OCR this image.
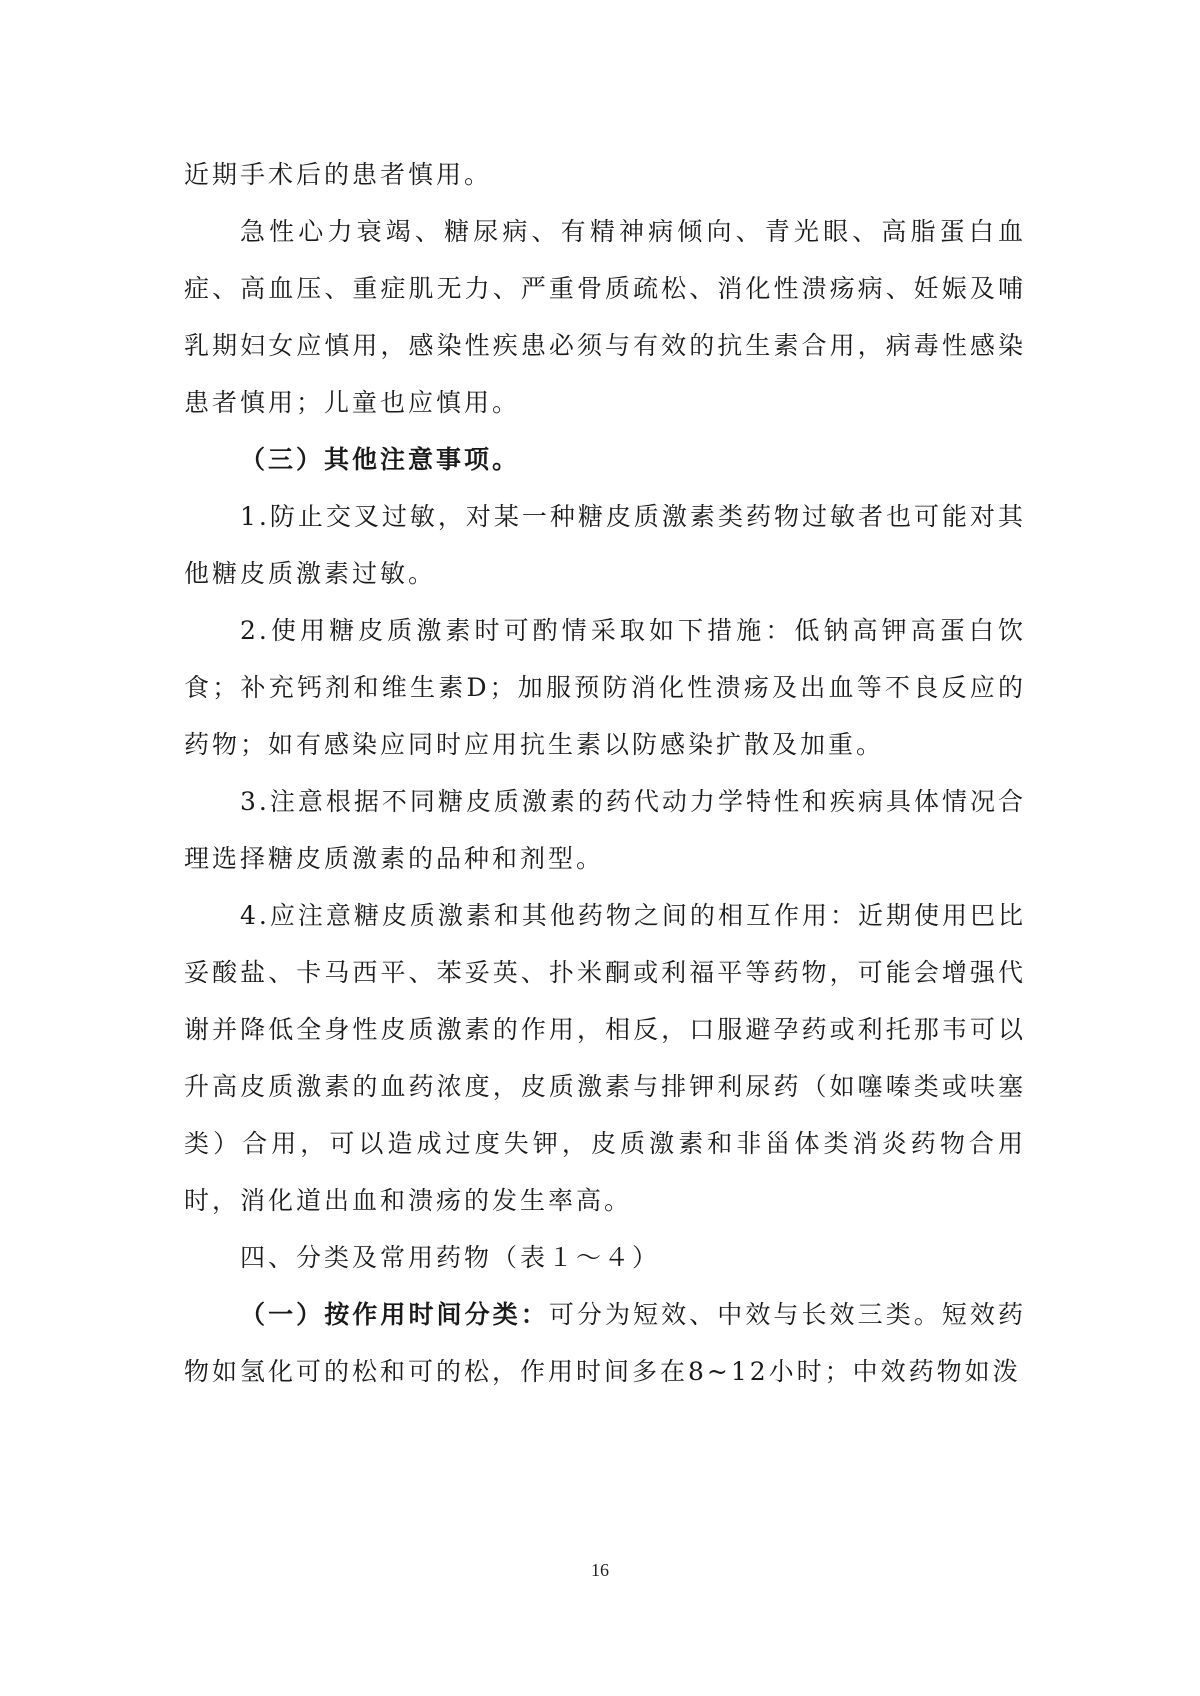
近期手术后的患者慎用。

急性心力衰竭、糖尿病、有精神病倾向、青光眼、高脂蛋白血症、高血压、重症肌无力、严重骨质疏松、消化性溃疡病、妊娠及哺乳期妇女应慎用，感染性疾患必须与有效的抗生素合用，病毒性感染患者慎用；儿童也应慎用。

（三）其他注意事项。

1.防止交叉过敏，对某一种糖皮质激素类药物过敏者也可能对其他糖皮质激素过敏。

2.使用糖皮质激素时可酌情采取如下措施：低钠高钾高蛋白饮食；补充钙剂和维生素D；加服预防消化性溃疡及出血等不良反应的药物；如有感染应同时应用抗生素以防感染扩散及加重。

3.注意根据不同糖皮质激素的药代动力学特性和疾病具体情况合理选择糖皮质激素的品种和剂型。

4.应注意糖皮质激素和其他药物之间的相互作用：近期使用巴比妥酸盐、卡马西平、苯妥英、扑米酮或利福平等药物，可能会增强代谢并降低全身性皮质激素的作用，相反，口服避孕药或利托那韦可以升高皮质激素的血药浓度，皮质激素与排钾利尿药（如噻嗪类或呋塞类）合用，可以造成过度失钾，皮质激素和非甾体类消炎药物合用时，消化道出血和溃疡的发生率高。

四、分类及常用药物（表１～４）

（一）按作用时间分类：可分为短效、中效与长效三类。短效药物如氢化可的松和可的松，作用时间多在8~12小时；中效药物如泼

16
